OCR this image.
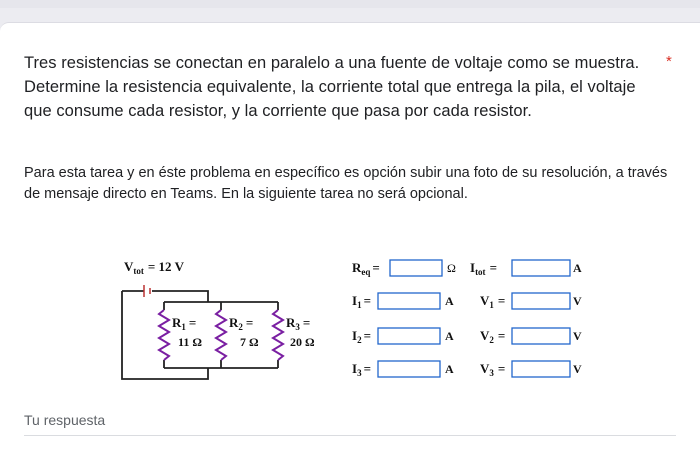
Tres resistencias se conectan en paralelo a una fuente de voltaje como se muestra. Determine la resistencia equivalente, la corriente total que entrega la pila, el voltaje que consume cada resistor, y la corriente que pasa por cada resistor.

*

Para esta tarea y en éste problema en específico es opción subir una foto de su resolución, a través de mensaje directo en Teams. En la siguiente tarea no será opcional.

$V_{tot} = 12$ V
$R_1$ =
11 Ω
$R_2$ =
7 Ω
$R_3$ =
20 Ω
$R_{eq}$ =	Ω $I_{tot}$ =	A
$I_1$ =	A $V_1$ =	V
$I_2$ =	A $V_2$ =	V
$I_3$ =	A $V_3$ =	V
Tu respuesta
